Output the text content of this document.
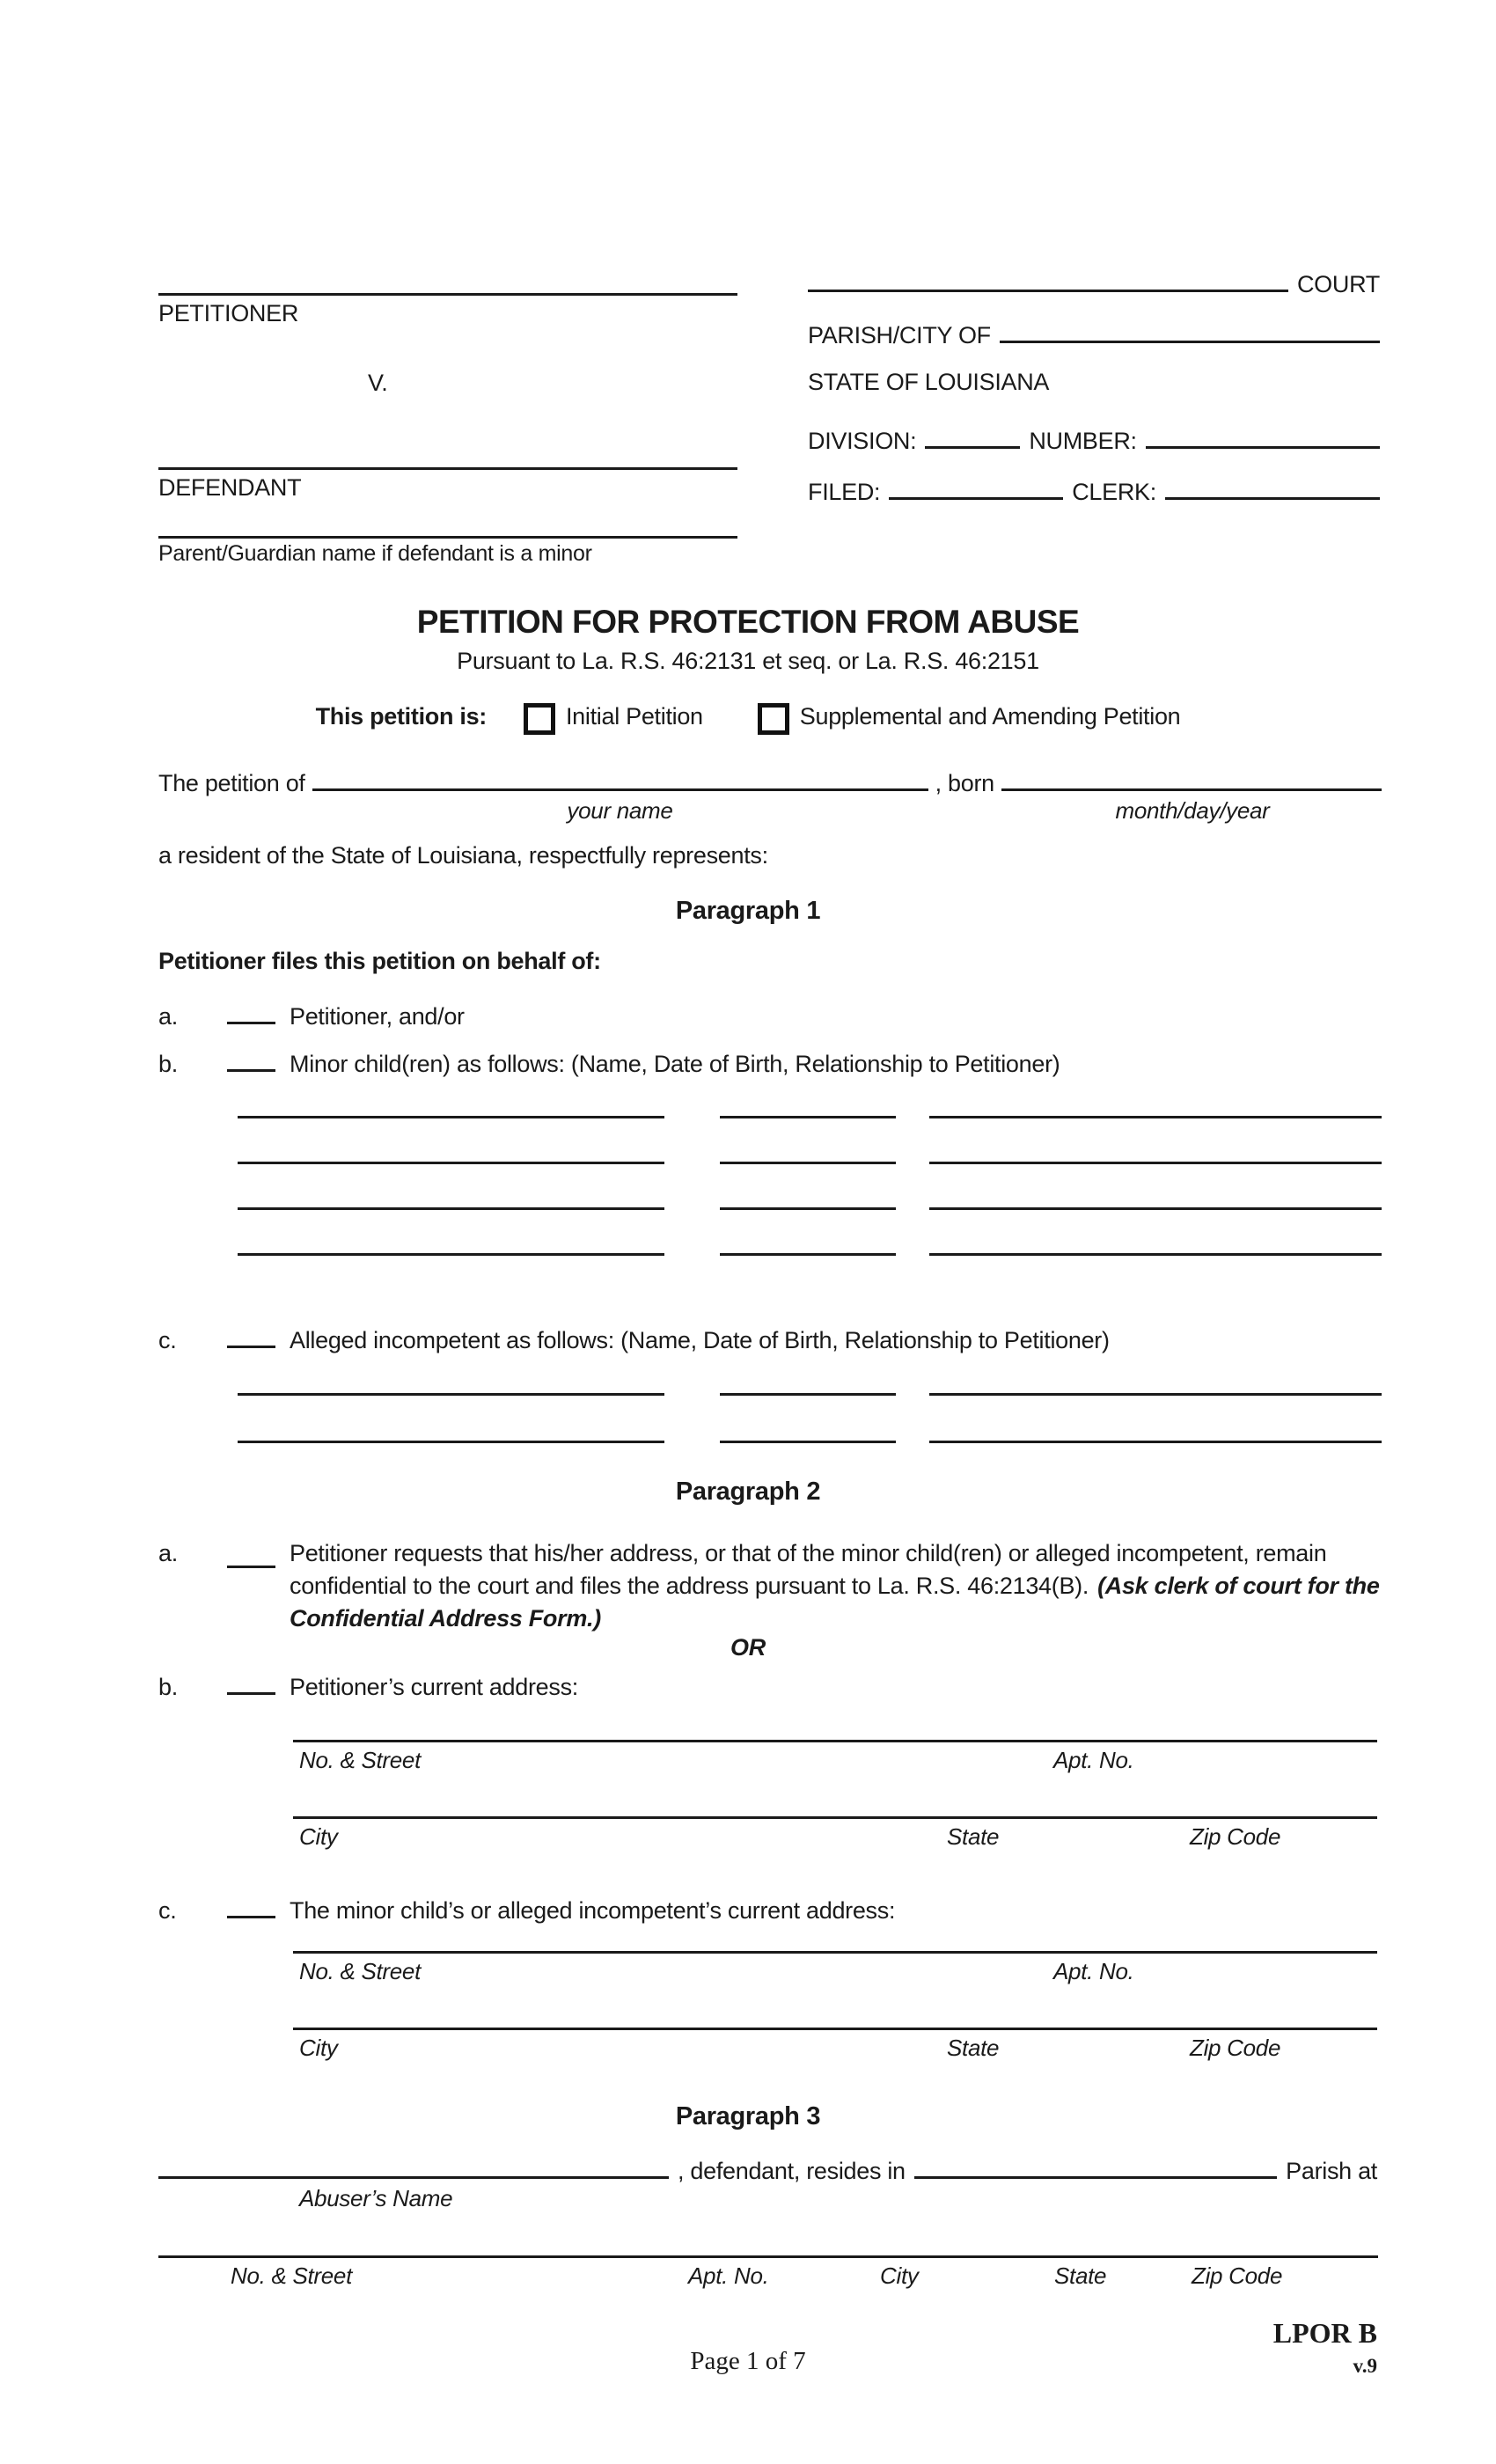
PETITIONER
V.
DEFENDANT
Parent/Guardian name if defendant is a minor
COURT
PARISH/CITY OF
STATE OF LOUISIANA
DIVISION:	NUMBER:
FILED:	CLERK:
PETITION FOR PROTECTION FROM ABUSE
Pursuant to La. R.S. 46:2131 et seq. or La. R.S. 46:2151
This petition is:	Initial Petition	Supplemental and Amending Petition
The petition of	, born
your name	month/day/year
a resident of the State of Louisiana, respectfully represents:
Paragraph 1
Petitioner files this petition on behalf of:
a.	Petitioner, and/or
b.	Minor child(ren) as follows: (Name, Date of Birth, Relationship to Petitioner)
c.	Alleged incompetent as follows: (Name, Date of Birth, Relationship to Petitioner)
Paragraph 2
a.	Petitioner requests that his/her address, or that of the minor child(ren) or alleged incompetent, remain confidential to the court and files the address pursuant to La. R.S. 46:2134(B). (Ask clerk of court for the Confidential Address Form.)
OR
b.	Petitioner’s current address:
No. & Street	Apt. No.
City	State	Zip Code
c.	The minor child’s or alleged incompetent’s current address:
No. & Street	Apt. No.
City	State	Zip Code
Paragraph 3
, defendant, resides in	Parish at
Abuser’s Name
No. & Street	Apt. No.	City	State	Zip Code
LPOR B
Page 1 of 7	v.9
